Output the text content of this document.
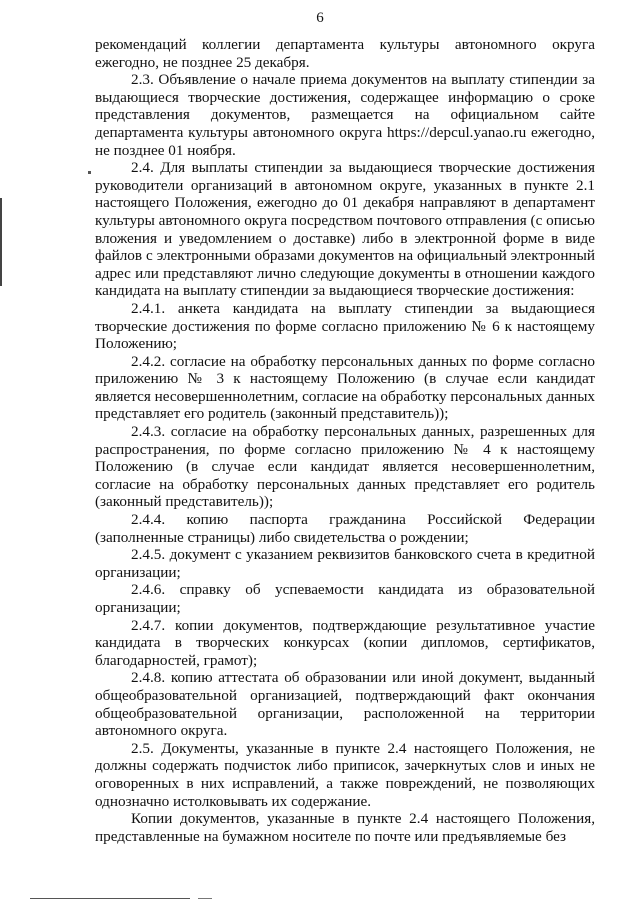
6

рекомендаций коллегии департамента культуры автономного округа ежегодно, не позднее 25 декабря.

2.3. Объявление о начале приема документов на выплату стипендии за выдающиеся творческие достижения, содержащее информацию о сроке представления документов, размещается на официальном сайте департамента культуры автономного округа https://depcul.yanao.ru ежегодно, не позднее 01 ноября.

2.4. Для выплаты стипендии за выдающиеся творческие достижения руководители организаций в автономном округе, указанных в пункте 2.1 настоящего Положения, ежегодно до 01 декабря направляют в департамент культуры автономного округа посредством почтового отправления (с описью вложения и уведомлением о доставке) либо в электронной форме в виде файлов с электронными образами документов на официальный электронный адрес или представляют лично следующие документы в отношении каждого кандидата на выплату стипендии за выдающиеся творческие достижения:

2.4.1. анкета кандидата на выплату стипендии за выдающиеся творческие достижения по форме согласно приложению № 6 к настоящему Положению;

2.4.2. согласие на обработку персональных данных по форме согласно приложению № 3 к настоящему Положению (в случае если кандидат является несовершеннолетним, согласие на обработку персональных данных представляет его родитель (законный представитель));

2.4.3. согласие на обработку персональных данных, разрешенных для распространения, по форме согласно приложению № 4 к настоящему Положению (в случае если кандидат является несовершеннолетним, согласие на обработку персональных данных представляет его родитель (законный представитель));

2.4.4. копию паспорта гражданина Российской Федерации (заполненные страницы) либо свидетельства о рождении;

2.4.5. документ с указанием реквизитов банковского счета в кредитной организации;

2.4.6. справку об успеваемости кандидата из образовательной организации;

2.4.7. копии документов, подтверждающие результативное участие кандидата в творческих конкурсах (копии дипломов, сертификатов, благодарностей, грамот);

2.4.8. копию аттестата об образовании или иной документ, выданный общеобразовательной организацией, подтверждающий факт окончания общеобразовательной организации, расположенной на территории автономного округа.

2.5. Документы, указанные в пункте 2.4 настоящего Положения, не должны содержать подчисток либо приписок, зачеркнутых слов и иных не оговоренных в них исправлений, а также повреждений, не позволяющих однозначно истолковывать их содержание.

Копии документов, указанные в пункте 2.4 настоящего Положения, представленные на бумажном носителе по почте или предъявляемые без
